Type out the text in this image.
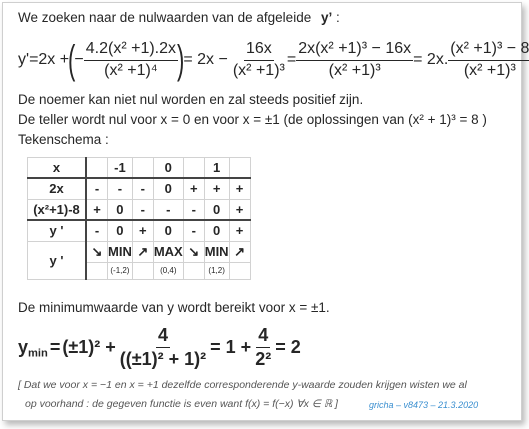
We zoeken naar de nulwaarden van de afgeleide y’ :
y' = 2x +
(
− $\frac{\text{4.2(x² +1).2x}}{\text{(x² +1)⁴}}$
)
= $2x - \frac{16x}{\text{(x² +1)³}} = \frac{\text{2x(x² +1)³ − 16x}}{\text{(x² +1)³}} = 2x$. $\frac{\text{(x² +1)³ − 8}}{\text{(x² +1)³}}$
De noemer kan niet nul worden en zal steeds positief zijn.
De teller wordt nul voor x = 0 en voor x = ±1 (de oplossingen van (x² + 1)³ = 8 )
Tekenschema :
x		-1		0		1	
2x	-	-	-	0	+	+	+
(x²+1)-8	+	0	-	-	-	0	+
y '	-	0	+	0	-	0	+
y '	↘	MIN	↗	MAX	↘	MIN	↗
		(-1,2)		(0,4)		(1,2)	
De minimumwaarde van y wordt bereikt voor x = ±1.
$y_{min} = (\pm 1)^2 + \frac{4}{\text{((±1)² + 1)²}} = 1 + \frac{4}{\text{2²}} = 2$
[ Dat we voor x = −1 en x = +1 dezelfde corresponderende y-waarde zouden krijgen wisten we al
op voorhand : de gegeven functie is even want f(x) = f(−x) ∀x ∈ ℝ ]	gricha – v8473 – 21.3.2020
